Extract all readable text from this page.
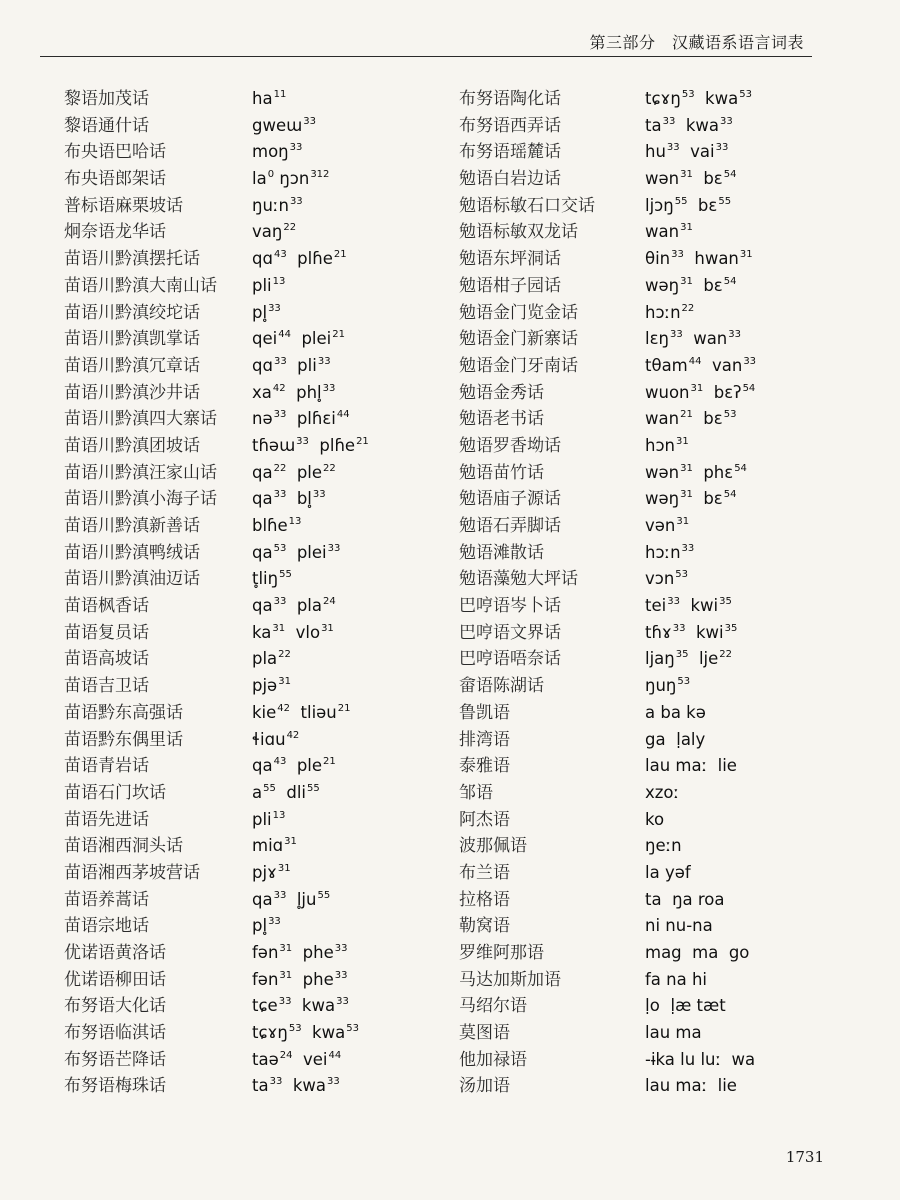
第三部分　汉藏语系语言词表
黎语加茂话	$ha^{11}$
黎语通什话	gweɯ$^{33}$
布央语巴哈话	moŋ$^{33}$
布央语郎架话	$la^0$ ŋɔn$^{312}$
普标语麻栗坡话	ŋuːn$^{33}$
炯奈语龙华话	vaŋ$^{22}$
苗语川黔滇摆托话	qɑ$^{43}$  plɦe$^{21}$
苗语川黔滇大南山话 pli$^{13}$
苗语川黔滇绞坨话	pl̥$^{33}$
苗语川黔滇凯掌话	qei$^{44}$  plei$^{21}$
苗语川黔滇冗章话	qɑ$^{33}$  pli$^{33}$
苗语川黔滇沙井话	$xa^{42}$  phl̥$^{33}$
苗语川黔滇四大寨话 nə$^{33}$  plɦɛi$^{44}$
苗语川黔滇团坡话	tɦəɯ$^{33}$  plɦe$^{21}$
苗语川黔滇汪家山话 $qa^{22}$  ple$^{22}$
苗语川黔滇小海子话 $qa^{33}$  bl̥$^{33}$
苗语川黔滇新善话	blɦe$^{13}$
苗语川黔滇鸭绒话	$qa^{53}$  plei$^{33}$
苗语川黔滇油迈话	t̥liŋ$^{55}$
苗语枫香话	$qa^{33}$  pla$^{24}$
苗语复员话	$ka^{31}$  vlo$^{31}$
苗语高坡话	pla$^{22}$
苗语吉卫话	pjə$^{31}$
苗语黔东高强话	kie$^{42}$  tliəu$^{21}$
苗语黔东偶里话	ɬiɑu$^{42}$
苗语青岩话	$qa^{43}$  ple$^{21}$
苗语石门坎话	$a^{55}$  dli$^{55}$
苗语先进话	pli$^{13}$
苗语湘西洞头话	miɑ$^{31}$
苗语湘西茅坡营话	pjɤ$^{31}$
苗语养蒿话	$qa^{33}$  $l̥ju^{55}$
苗语宗地话	pl̥$^{33}$
优诺语黄洛话	fən$^{31}$  phe$^{33}$
优诺语柳田话	fən$^{31}$  phe$^{33}$
布努语大化话	tɕe$^{33}$  kwa$^{33}$
布努语临淇话	tɕɤŋ$^{53}$  kwa$^{53}$
布努语芒降话	taə$^{24}$  vei$^{44}$
布努语梅珠话	$ta^{33}$  kwa$^{33}$
布努语陶化话	tɕɤŋ$^{53}$  kwa$^{53}$
布努语西弄话	$ta^{33}$  kwa$^{33}$
布努语瑶麓话	$hu^{33}$  vai$^{33}$
勉语白岩边话	wən$^{31}$  bɛ$^{54}$
勉语标敏石口交话	ljɔŋ$^{55}$  bɛ$^{55}$
勉语标敏双龙话	wan$^{31}$
勉语东坪洞话	θin$^{33}$  hwan$^{31}$
勉语柑子园话	wəŋ$^{31}$  bɛ$^{54}$
勉语金门览金话	hɔːn$^{22}$
勉语金门新寨话	lɛŋ$^{33}$  wan$^{33}$
勉语金门牙南话	tθam$^{44}$  van$^{33}$
勉语金秀话	wuon$^{31}$  bɛʔ$^{54}$
勉语老书话	wan$^{21}$  bɛ$^{53}$
勉语罗香坳话	hɔn$^{31}$
勉语苗竹话	wən$^{31}$  phɛ$^{54}$
勉语庙子源话	wəŋ$^{31}$  bɛ$^{54}$
勉语石弄脚话	vən$^{31}$
勉语滩散话	hɔːn$^{33}$
勉语藻勉大坪话	vɔn$^{53}$
巴哼语岑卜话	tei$^{33}$  kwi$^{35}$
巴哼语文界话	tɦɤ$^{33}$  kwi$^{35}$
巴哼语唔奈话	ljaŋ$^{35}$  lje$^{22}$
畲语陈湖话	ŋuŋ$^{53}$
鲁凯语	a ba kə
排湾语	ga  ḷaly
泰雅语	lau maː  lie
邹语	xzoː
阿杰语	ko
波那佩语	ŋeːn
布兰语	la yəf
拉格语	ta  ŋa roa
勒窝语	ni nu-na
罗维阿那语	mag  ma  go
马达加斯加语	fa na hi
马绍尔语	ḷo  ḷæ tæt
莫图语	lau ma
他加禄语	-ɨka lu luː  wa
汤加语	lau maː  lie
1731
